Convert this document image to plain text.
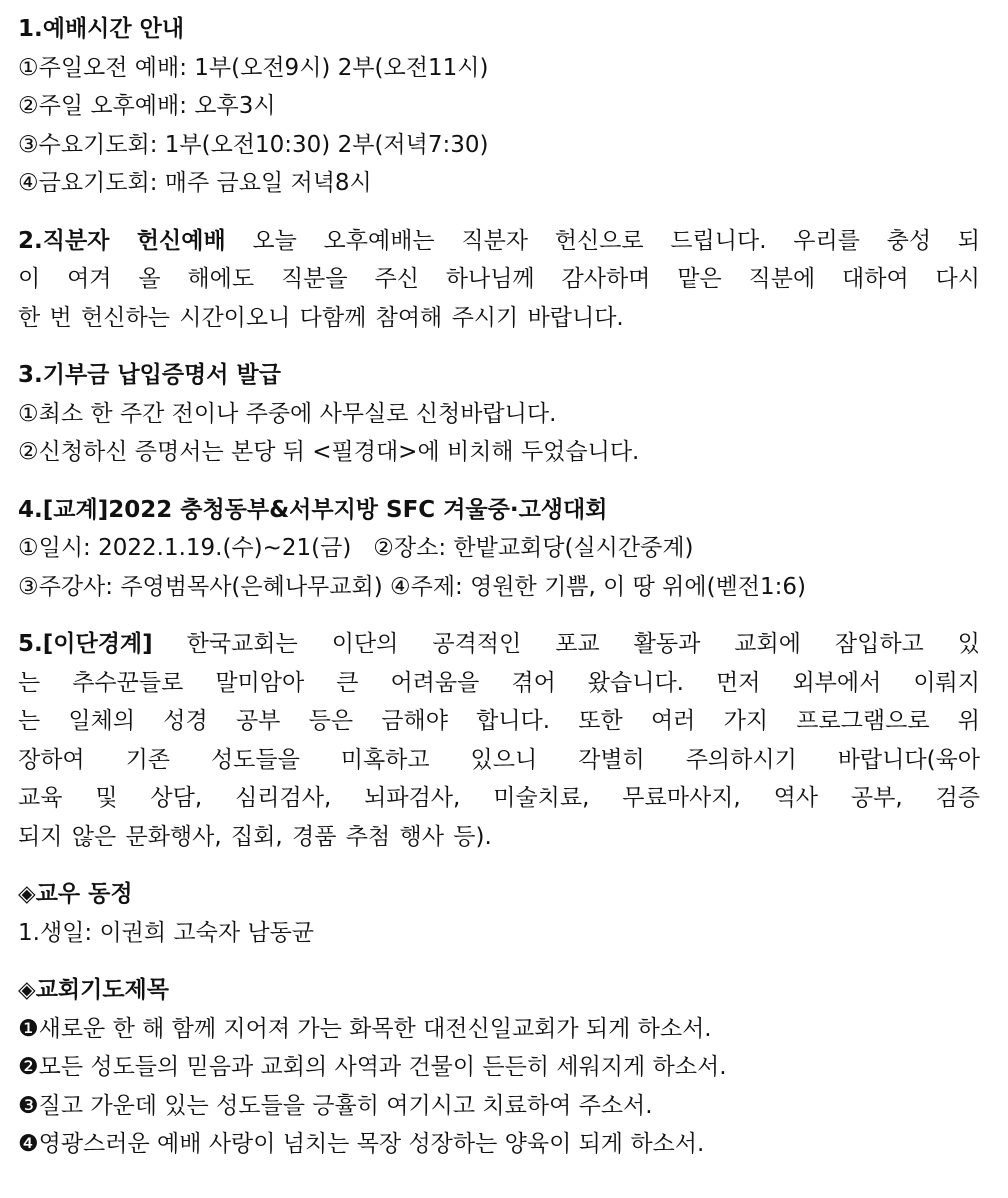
1.예배시간 안내
①주일오전 예배: 1부(오전9시) 2부(오전11시)
②주일 오후예배: 오후3시
③수요기도회: 1부(오전10:30) 2부(저녁7:30)
④금요기도회: 매주 금요일 저녁8시
2.직분자 헌신예배 오늘 오후예배는 직분자 헌신으로 드립니다. 우리를 충성 되
이 여겨 올 해에도 직분을 주신 하나님께 감사하며 맡은 직분에 대하여 다시
한 번 헌신하는 시간이오니 다함께 참여해 주시기 바랍니다.
3.기부금 납입증명서 발급
①최소 한 주간 전이나 주중에 사무실로 신청바랍니다.
②신청하신 증명서는 본당 뒤 <필경대>에 비치해 두었습니다.
4.[교계]2022 충청동부&서부지방 SFC 겨울중·고생대회
①일시: 2022.1.19.(수)~21(금)   ②장소: 한밭교회당(실시간중계)
③주강사: 주영범목사(은혜나무교회) ④주제: 영원한 기쁨, 이 땅 위에(벧전1:6)
5.[이단경계] 한국교회는 이단의 공격적인 포교 활동과 교회에 잠입하고 있
는 추수꾼들로 말미암아 큰 어려움을 겪어 왔습니다. 먼저 외부에서 이뤄지
는 일체의 성경 공부 등은 금해야 합니다. 또한 여러 가지 프로그램으로 위
장하여 기존 성도들을 미혹하고 있으니 각별히 주의하시기 바랍니다(육아
교육 및 상담, 심리검사, 뇌파검사, 미술치료, 무료마사지, 역사 공부, 검증
되지 않은 문화행사, 집회, 경품 추첨 행사 등).
◈교우 동정
1.생일: 이권희 고숙자 남동균
◈교회기도제목
❶새로운 한 해 함께 지어져 가는 화목한 대전신일교회가 되게 하소서.
❷모든 성도들의 믿음과 교회의 사역과 건물이 든든히 세워지게 하소서.
❸질고 가운데 있는 성도들을 긍휼히 여기시고 치료하여 주소서.
❹영광스러운 예배 사랑이 넘치는 목장 성장하는 양육이 되게 하소서.
